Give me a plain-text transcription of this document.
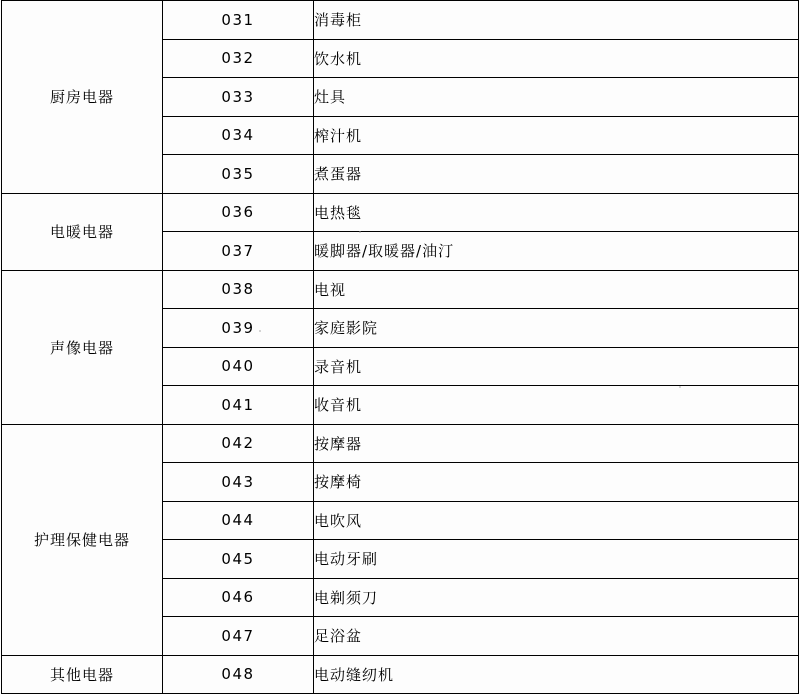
厨房电器	031	消毒柜
	032	饮水机
	033	灶具
	034	榨汁机
	035	煮蛋器
电暖电器	036	电热毯
	037	暖脚器/取暖器/油汀
声像电器	038	电视
	039	家庭影院
	040	录音机
	041	收音机
护理保健电器	042	按摩器
	043	按摩椅
	044	电吹风
	045	电动牙刷
	046	电剃须刀
	047	足浴盆
其他电器	048	电动缝纫机
